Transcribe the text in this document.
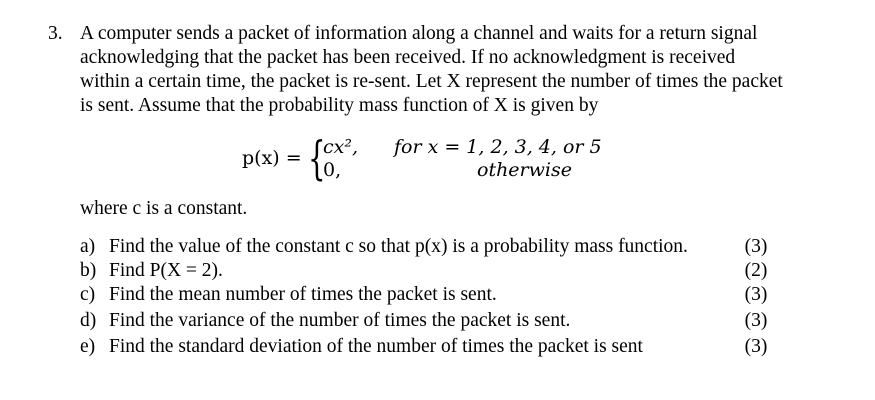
3. A computer sends a packet of information along a channel and waits for a return signal
acknowledging that the packet has been received. If no acknowledgment is received
within a certain time, the packet is re-sent. Let X represent the number of times the packet
is sent. Assume that the probability mass function of X is given by
p(x) = {
cx², for x = 1, 2, 3, 4, or 5
0,	otherwise
where c is a constant.
a) Find the value of the constant c so that p(x) is a probability mass function.	(3)
b) Find P(X = 2).	(2)
c) Find the mean number of times the packet is sent.	(3)
d) Find the variance of the number of times the packet is sent.	(3)
e) Find the standard deviation of the number of times the packet is sent	(3)
